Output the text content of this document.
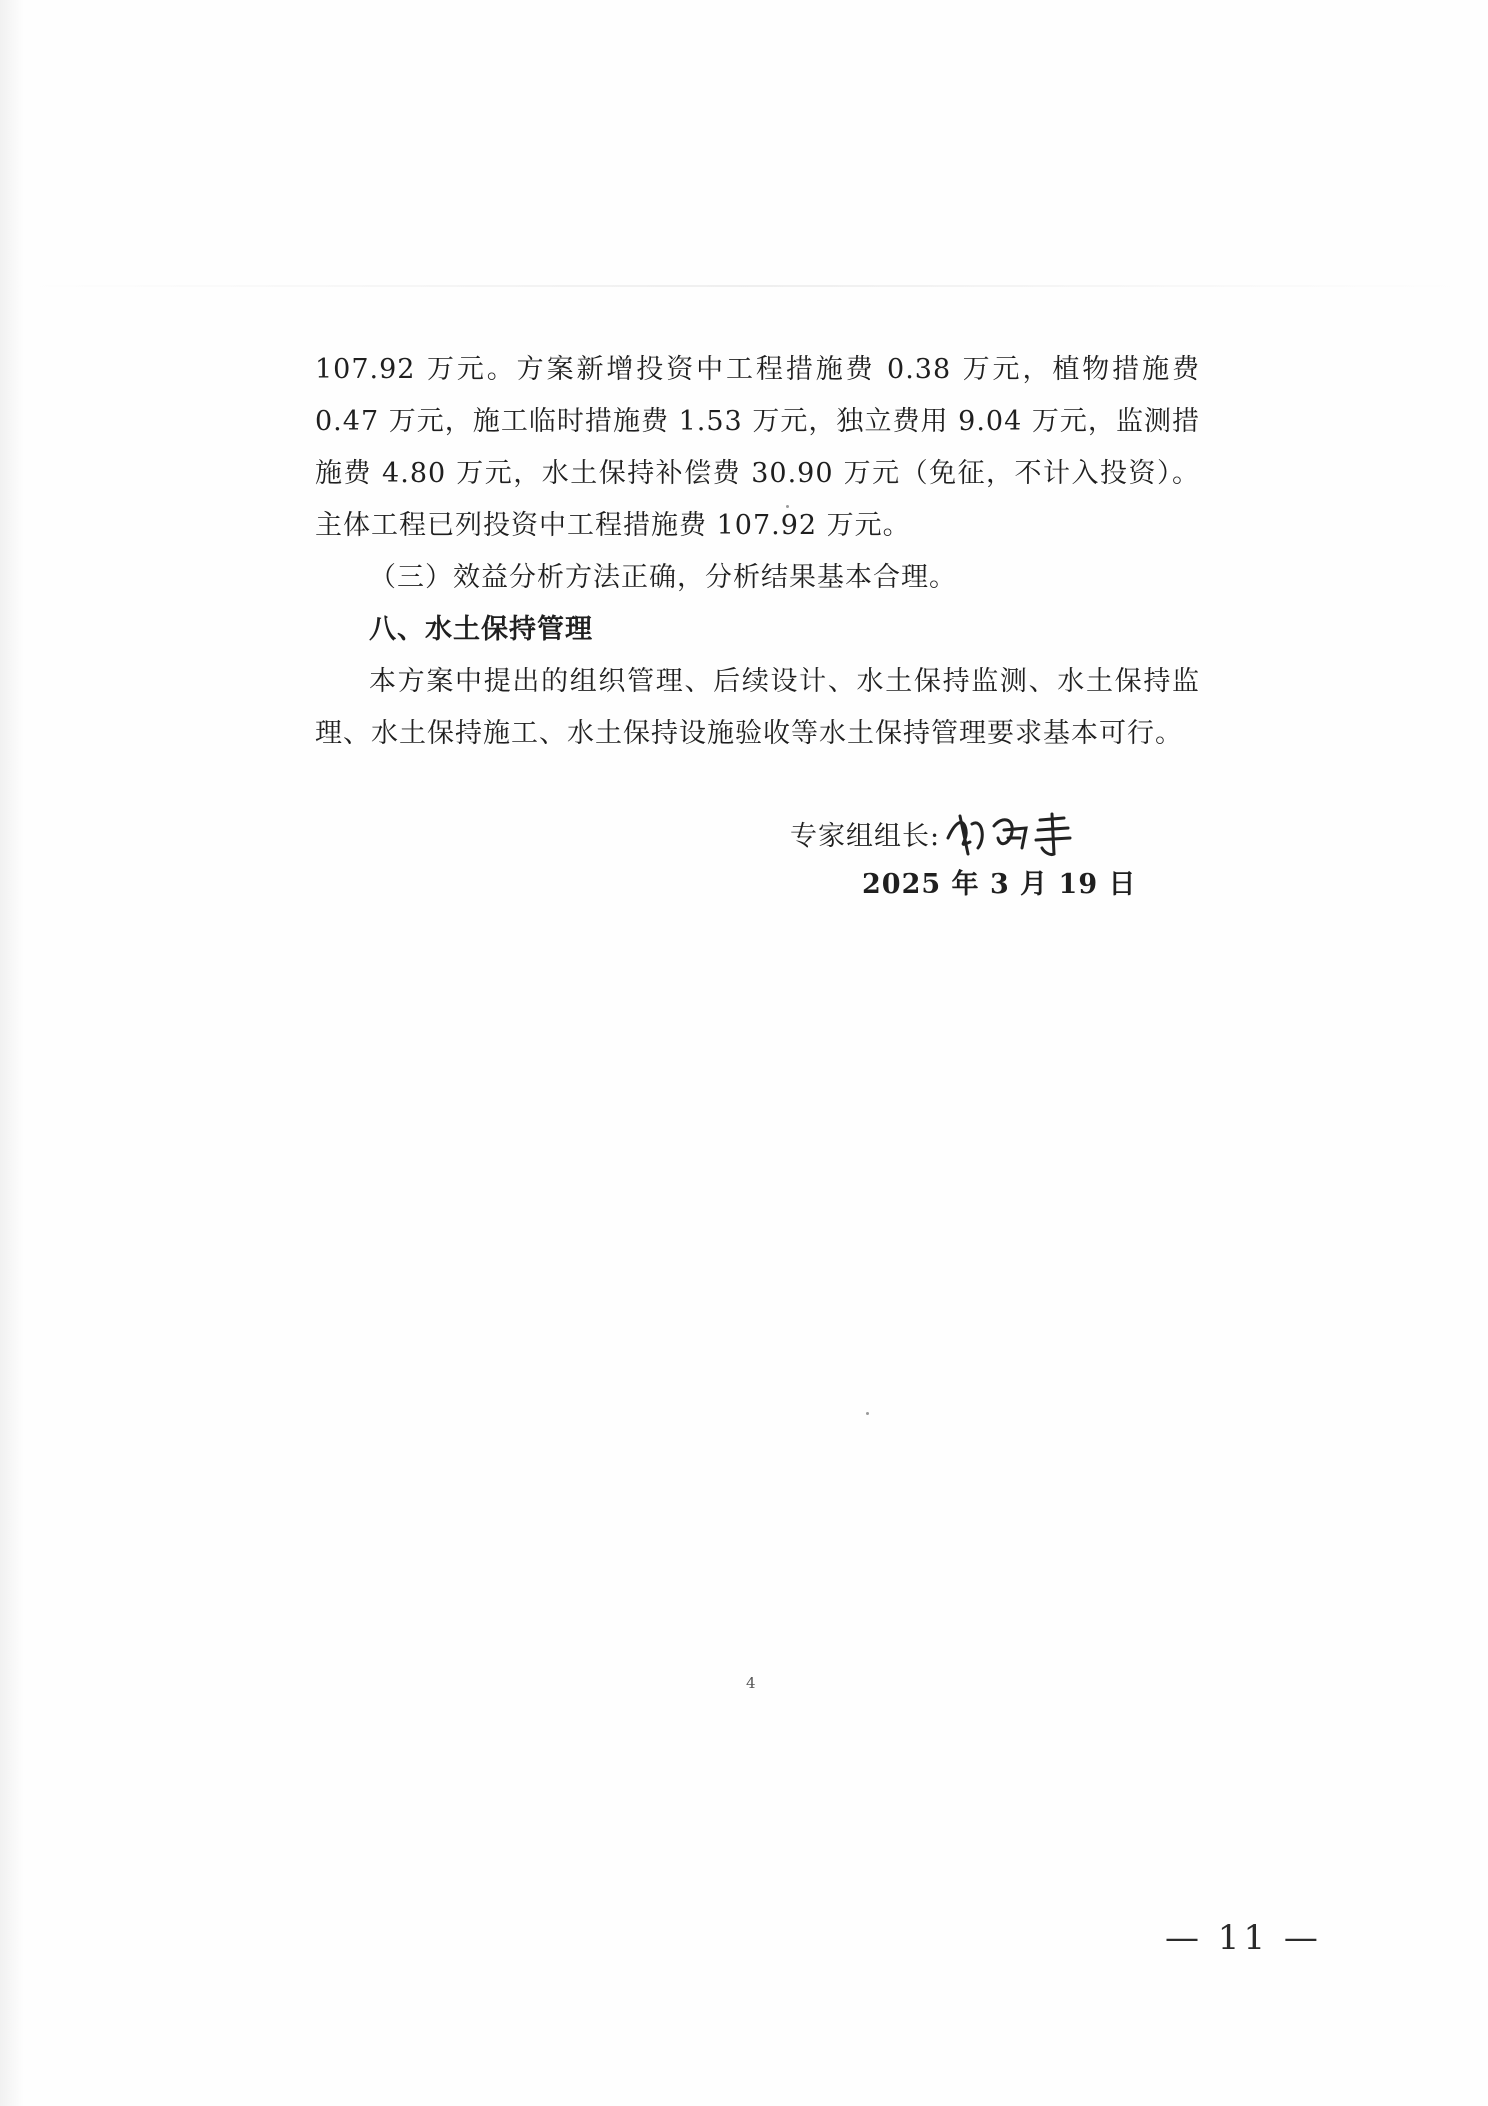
107.92 万元。方案新增投资中工程措施费 0.38 万元，植物措施费 0.47 万元，施工临时措施费 1.53 万元，独立费用 9.04 万元，监测措施费 4.80 万元，水土保持补偿费 30.90 万元（免征，不计入投资）。主体工程已列投资中工程措施费 107.92 万元。

（三）效益分析方法正确，分析结果基本合理。

八、水土保持管理

本方案中提出的组织管理、后续设计、水土保持监测、水土保持监理、水土保持施工、水土保持设施验收等水土保持管理要求基本可行。

专家组组长:
2025 年 3 月 19 日
4
— 11 —
